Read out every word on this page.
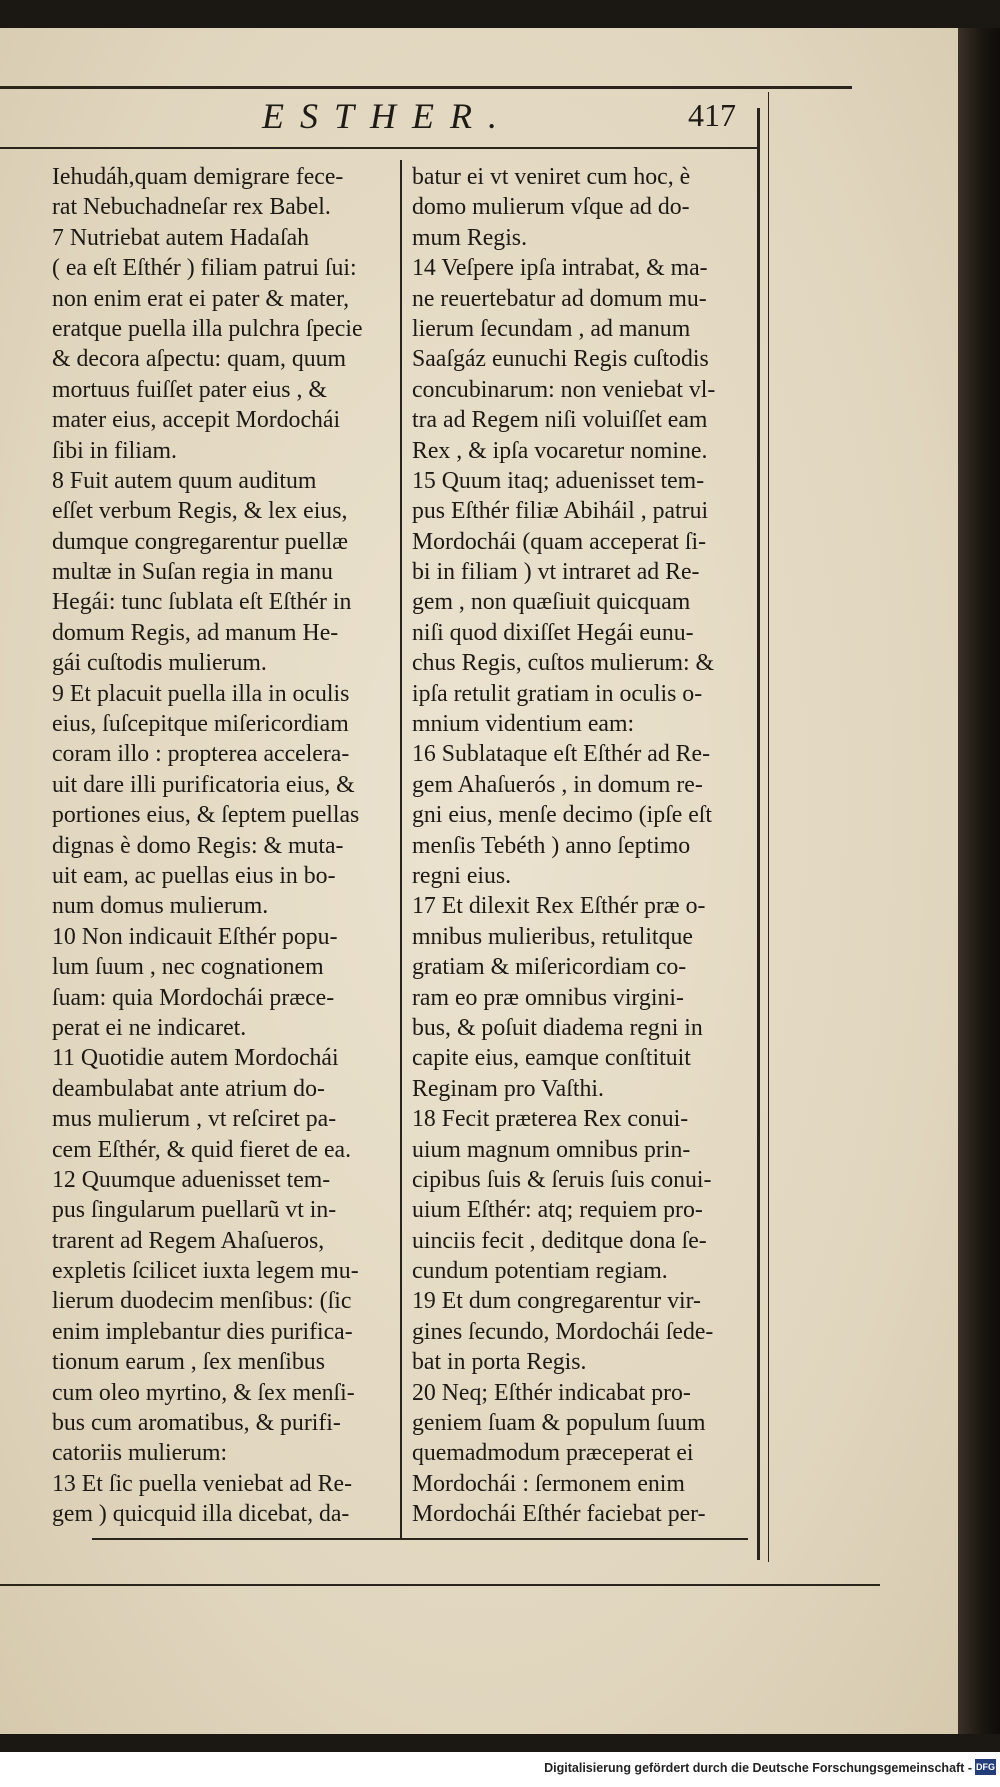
ESTHER.	417
Iehudáh,quam demigrare fece-
rat Nebuchadneſar rex Babel.
7 Nutriebat autem Hadaſah
( ea eſt Eſthér ) filiam patrui ſui:
non enim erat ei pater & mater,
eratque puella illa pulchra ſpecie
& decora aſpectu: quam, quum
mortuus fuiſſet pater eius , &
mater eius, accepit Mordochái
ſibi in filiam.
8 Fuit autem quum auditum
eſſet verbum Regis, & lex eius,
dumque congregarentur puellæ
multæ in Suſan regia in manu
Hegái: tunc ſublata eſt Eſthér in
domum Regis, ad manum He-
gái cuſtodis mulierum.
9 Et placuit puella illa in oculis
eius, ſuſcepitque miſericordiam
coram illo : propterea accelera-
uit dare illi purificatoria eius, &
portiones eius, & ſeptem puellas
dignas è domo Regis: & muta-
uit eam, ac puellas eius in bo-
num domus mulierum.
10 Non indicauit Eſthér popu-
lum ſuum , nec cognationem
ſuam: quia Mordochái præce-
perat ei ne indicaret.
11 Quotidie autem Mordochái
deambulabat ante atrium do-
mus mulierum , vt reſciret pa-
cem Eſthér, & quid fieret de ea.
12 Quumque aduenisset tem-
pus ſingularum puellarũ vt in-
trarent ad Regem Ahaſueros,
expletis ſcilicet iuxta legem mu-
lierum duodecim menſibus: (ſic
enim implebantur dies purifica-
tionum earum , ſex menſibus
cum oleo myrtino, & ſex menſi-
bus cum aromatibus, & purifi-
catoriis mulierum:
13 Et ſic puella veniebat ad Re-
gem ) quicquid illa dicebat, da-
batur ei vt veniret cum hoc, è
domo mulierum vſque ad do-
mum Regis.
14 Veſpere ipſa intrabat, & ma-
ne reuertebatur ad domum mu-
lierum ſecundam , ad manum
Saaſgáz eunuchi Regis cuſtodis
concubinarum: non veniebat vl-
tra ad Regem niſi voluiſſet eam
Rex , & ipſa vocaretur nomine.
15 Quum itaq; aduenisset tem-
pus Eſthér filiæ Abiháil , patrui
Mordochái (quam acceperat ſi-
bi in filiam ) vt intraret ad Re-
gem , non quæſiuit quicquam
niſi quod dixiſſet Hegái eunu-
chus Regis, cuſtos mulierum: &
ipſa retulit gratiam in oculis o-
mnium videntium eam:
16 Sublataque eſt Eſthér ad Re-
gem Ahaſuerós , in domum re-
gni eius, menſe decimo (ipſe eſt
menſis Tebéth ) anno ſeptimo
regni eius.
17 Et dilexit Rex Eſthér præ o-
mnibus mulieribus, retulitque
gratiam & miſericordiam co-
ram eo præ omnibus virgini-
bus, & poſuit diadema regni in
capite eius, eamque conſtituit
Reginam pro Vaſthi.
18 Fecit præterea Rex conui-
uium magnum omnibus prin-
cipibus ſuis & ſeruis ſuis conui-
uium Eſthér: atq; requiem pro-
uinciis fecit , deditque dona ſe-
cundum potentiam regiam.
19 Et dum congregarentur vir-
gines ſecundo, Mordochái ſede-
bat in porta Regis.
20 Neq; Eſthér indicabat pro-
geniem ſuam & populum ſuum
quemadmodum præceperat ei
Mordochái : ſermonem enim
Mordochái Eſthér faciebat per-
Digitalisierung gefördert durch die Deutsche Forschungsgemeinschaft - DFG
